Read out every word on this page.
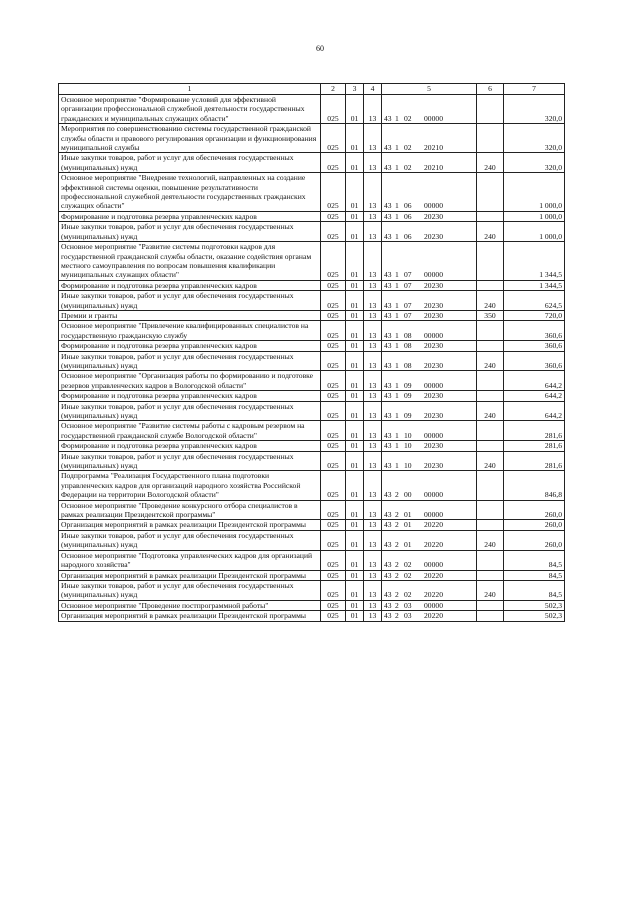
60
1	2	3	4	5	6	7
Основное мероприятие "Формирование условий для эффективной организации профессиональной служебной деятельности государственных гражданских и муниципальных служащих области"	025	01	13	43 1 02 00000		320,0
Мероприятия по совершенствованию системы государственной гражданской службы области и правового регулирования организации и функционирования муниципальной службы	025	01	13	43 1 02 20210		320,0
Иные закупки товаров, работ и услуг для обеспечения государственных (муниципальных) нужд	025	01	13	43 1 02 20210	240	320,0
Основное мероприятие "Внедрение технологий, направленных на создание эффективной системы оценки, повышение результативности профессиональной служебной деятельности государственных гражданских служащих области"	025	01	13	43 1 06 00000		1 000,0
Формирование и подготовка резерва управленческих кадров	025	01	13	43 1 06 20230		1 000,0
Иные закупки товаров, работ и услуг для обеспечения государственных (муниципальных) нужд	025	01	13	43 1 06 20230	240	1 000,0
Основное мероприятие "Развитие системы подготовки кадров для государственной гражданской службы области, оказание содействия органам местного самоуправления по вопросам повышения квалификации муниципальных служащих области"	025	01	13	43 1 07 00000		1 344,5
Формирование и подготовка резерва управленческих кадров	025	01	13	43 1 07 20230		1 344,5
Иные закупки товаров, работ и услуг для обеспечения государственных (муниципальных) нужд	025	01	13	43 1 07 20230	240	624,5
Премии и гранты	025	01	13	43 1 07 20230	350	720,0
Основное мероприятие "Привлечение квалифицированных специалистов на государственную гражданскую службу	025	01	13	43 1 08 00000		360,6
Формирование и подготовка резерва управленческих кадров	025	01	13	43 1 08 20230		360,6
Иные закупки товаров, работ и услуг для обеспечения государственных (муниципальных) нужд	025	01	13	43 1 08 20230	240	360,6
Основное мероприятие "Организация работы по формированию и подготовке резервов управленческих кадров в Вологодской области"	025	01	13	43 1 09 00000		644,2
Формирование и подготовка резерва управленческих кадров	025	01	13	43 1 09 20230		644,2
Иные закупки товаров, работ и услуг для обеспечения государственных (муниципальных) нужд	025	01	13	43 1 09 20230	240	644,2
Основное мероприятие "Развитие системы работы с кадровым резервом на государственной гражданской службе Вологодской области"	025	01	13	43 1 10 00000		281,6
Формирование и подготовка резерва управленческих кадров	025	01	13	43 1 10 20230		281,6
Иные закупки товаров, работ и услуг для обеспечения государственных (муниципальных) нужд	025	01	13	43 1 10 20230	240	281,6
Подпрограмма "Реализация Государственного плана подготовки управленческих кадров для организаций народного хозяйства Российской Федерации на территории Вологодской области"	025	01	13	43 2 00 00000		846,8
Основное мероприятие "Проведение конкурсного отбора специалистов в рамках реализации Президентской программы"	025	01	13	43 2 01 00000		260,0
Организация мероприятий в рамках реализации Президентской программы	025	01	13	43 2 01 20220		260,0
Иные закупки товаров, работ и услуг для обеспечения государственных (муниципальных) нужд	025	01	13	43 2 01 20220	240	260,0
Основное мероприятие "Подготовка управленческих кадров для организаций народного хозяйства"	025	01	13	43 2 02 00000		84,5
Организация мероприятий в рамках реализации Президентской программы	025	01	13	43 2 02 20220		84,5
Иные закупки товаров, работ и услуг для обеспечения государственных (муниципальных) нужд	025	01	13	43 2 02 20220	240	84,5
Основное мероприятие "Проведение постпрограммной работы"	025	01	13	43 2 03 00000		502,3
Организация мероприятий в рамках реализации Президентской программы	025	01	13	43 2 03 20220		502,3
